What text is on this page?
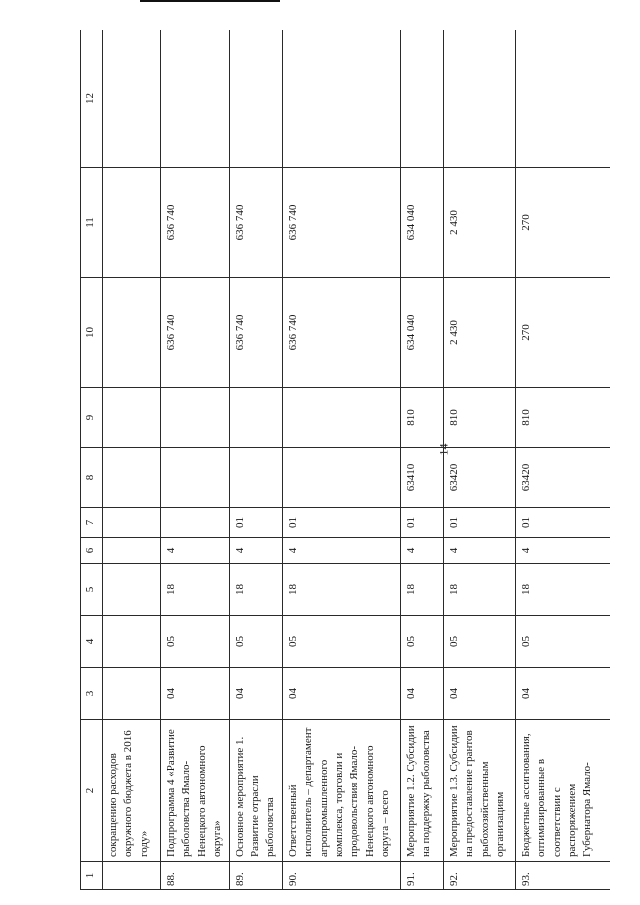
14
1	2	3	4	5	6	7	8	9	10	11	12
	сокращению расходов окружного бюджета в 2016 году»										
88.	Подпрограмма 4 «Развитие рыболовства Ямало-Ненецкого автономного округа»	04	05	18	4				636 740	636 740	
89.	Основное мероприятие 1. Развитие отрасли рыболовства	04	05	18	4	01			636 740	636 740	
90.	Ответственный исполнитель – департамент агропромышленного комплекса, торговли и продовольствия Ямало-Ненецкого автономного округа – всего	04	05	18	4	01			636 740	636 740	
91.	Мероприятие 1.2. Субсидии на поддержку рыболовства	04	05	18	4	01	63410	810	634 040	634 040	
92.	Мероприятие 1.3. Субсидии на предоставление грантов рыбохозяйственным организациям	04	05	18	4	01	63420	810	2 430	2 430	
93.	Бюджетные ассигнования, оптимизированные в соответствии с распоряжением Губернатора Ямало-	04	05	18	4	01	63420	810	270	270	
